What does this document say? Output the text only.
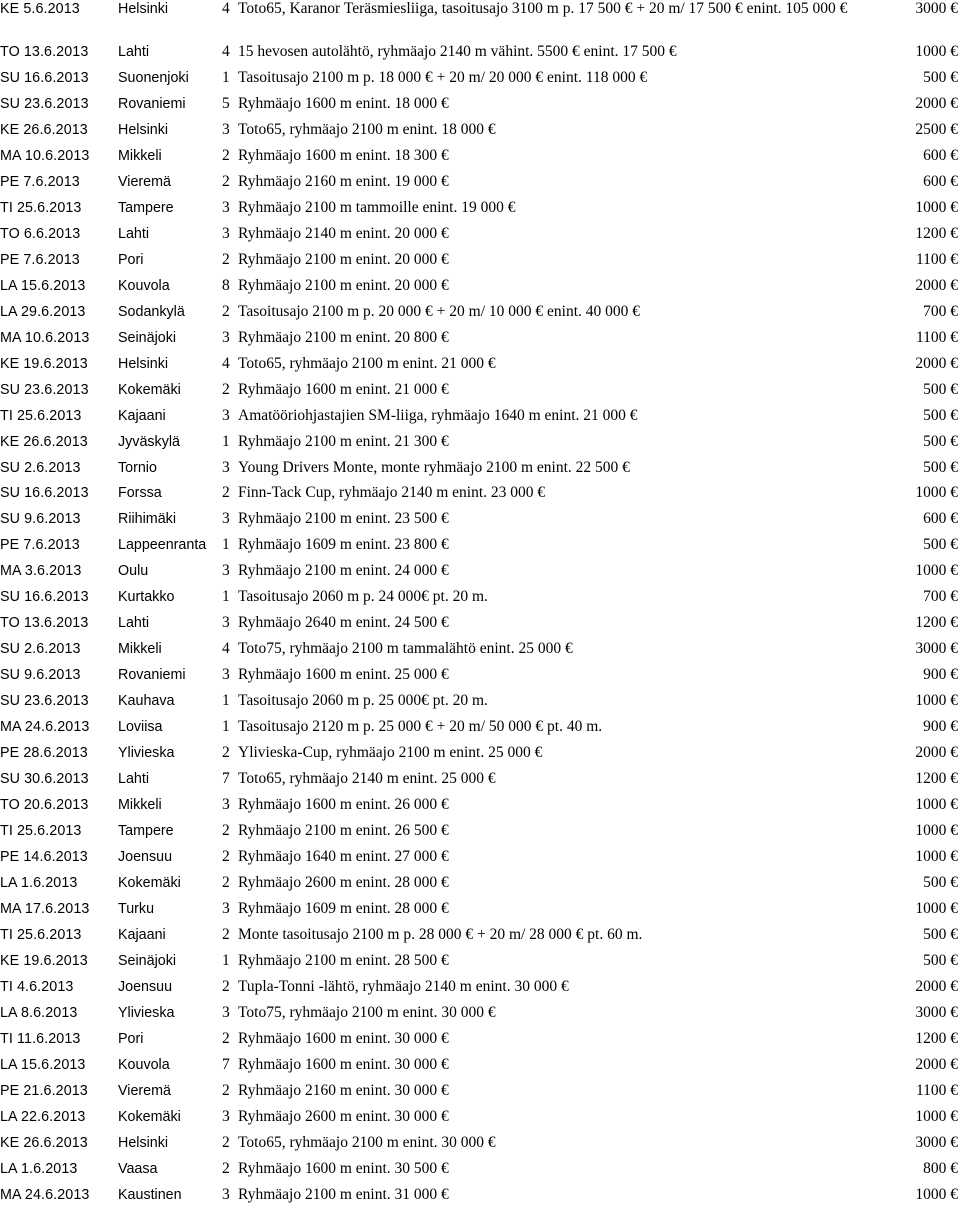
KE 5.6.2013	Helsinki	4 Toto65, Karanor Teräsmiesliiga, tasoitusajo 3100 m p. 17 500 € + 20 m/ 17 500 € enint. 105 000 €	3000 €
TO 13.6.2013 Lahti	4 15 hevosen autolähtö, ryhmäajo 2140 m vähint. 5500 € enint. 17 500 €	1000 €
SU 16.6.2013 Suonenjoki 1 Tasoitusajo 2100 m p. 18 000 € + 20 m/ 20 000 € enint. 118 000 €	500 €
SU 23.6.2013 Rovaniemi 5 Ryhmäajo 1600 m enint. 18 000 €	2000 €
KE 26.6.2013 Helsinki	3 Toto65, ryhmäajo 2100 m enint. 18 000 €	2500 €
MA 10.6.2013 Mikkeli	2 Ryhmäajo 1600 m enint. 18 300 €	600 €
PE 7.6.2013	Vieremä	2 Ryhmäajo 2160 m enint. 19 000 €	600 €
TI 25.6.2013	Tampere	3 Ryhmäajo 2100 m tammoille enint. 19 000 €	1000 €
TO 6.6.2013	Lahti	3 Ryhmäajo 2140 m enint. 20 000 €	1200 €
PE 7.6.2013	Pori	2 Ryhmäajo 2100 m enint. 20 000 €	1100 €
LA 15.6.2013 Kouvola	8 Ryhmäajo 2100 m enint. 20 000 €	2000 €
LA 29.6.2013 Sodankylä 2 Tasoitusajo 2100 m p. 20 000 € + 20 m/ 10 000 € enint. 40 000 €	700 €
MA 10.6.2013 Seinäjoki	3 Ryhmäajo 2100 m enint. 20 800 €	1100 €
KE 19.6.2013 Helsinki	4 Toto65, ryhmäajo 2100 m enint. 21 000 €	2000 €
SU 23.6.2013 Kokemäki	2 Ryhmäajo 1600 m enint. 21 000 €	500 €
TI 25.6.2013	Kajaani	3 Amatööriohjastajien SM-liiga, ryhmäajo 1640 m enint. 21 000 €	500 €
KE 26.6.2013 Jyväskylä	1 Ryhmäajo 2100 m enint. 21 300 €	500 €
SU 2.6.2013	Tornio	3 Young Drivers Monte, monte ryhmäajo 2100 m enint. 22 500 €	500 €
SU 16.6.2013 Forssa	2 Finn-Tack Cup, ryhmäajo 2140 m enint. 23 000 €	1000 €
SU 9.6.2013	Riihimäki	3 Ryhmäajo 2100 m enint. 23 500 €	600 €
PE 7.6.2013	Lappeenranta 1 Ryhmäajo 1609 m enint. 23 800 €	500 €
MA 3.6.2013	Oulu	3 Ryhmäajo 2100 m enint. 24 000 €	1000 €
SU 16.6.2013 Kurtakko	1 Tasoitusajo 2060 m p. 24 000€ pt. 20 m.	700 €
TO 13.6.2013 Lahti	3 Ryhmäajo 2640 m enint. 24 500 €	1200 €
SU 2.6.2013	Mikkeli	4 Toto75, ryhmäajo 2100 m tammalähtö enint. 25 000 €	3000 €
SU 9.6.2013	Rovaniemi 3 Ryhmäajo 1600 m enint. 25 000 €	900 €
SU 23.6.2013 Kauhava	1 Tasoitusajo 2060 m p. 25 000€ pt. 20 m.	1000 €
MA 24.6.2013 Loviisa	1 Tasoitusajo 2120 m p. 25 000 € + 20 m/ 50 000 € pt. 40 m.	900 €
PE 28.6.2013 Ylivieska	2 Ylivieska-Cup, ryhmäajo 2100 m enint. 25 000 €	2000 €
SU 30.6.2013 Lahti	7 Toto65, ryhmäajo 2140 m enint. 25 000 €	1200 €
TO 20.6.2013 Mikkeli	3 Ryhmäajo 1600 m enint. 26 000 €	1000 €
TI 25.6.2013	Tampere	2 Ryhmäajo 2100 m enint. 26 500 €	1000 €
PE 14.6.2013 Joensuu	2 Ryhmäajo 1640 m enint. 27 000 €	1000 €
LA 1.6.2013	Kokemäki	2 Ryhmäajo 2600 m enint. 28 000 €	500 €
MA 17.6.2013 Turku	3 Ryhmäajo 1609 m enint. 28 000 €	1000 €
TI 25.6.2013	Kajaani	2 Monte tasoitusajo 2100 m p. 28 000 € + 20 m/ 28 000 € pt. 60 m.	500 €
KE 19.6.2013 Seinäjoki	1 Ryhmäajo 2100 m enint. 28 500 €	500 €
TI 4.6.2013	Joensuu	2 Tupla-Tonni -lähtö, ryhmäajo 2140 m enint. 30 000 €	2000 €
LA 8.6.2013	Ylivieska	3 Toto75, ryhmäajo 2100 m enint. 30 000 €	3000 €
TI 11.6.2013	Pori	2 Ryhmäajo 1600 m enint. 30 000 €	1200 €
LA 15.6.2013 Kouvola	7 Ryhmäajo 1600 m enint. 30 000 €	2000 €
PE 21.6.2013 Vieremä	2 Ryhmäajo 2160 m enint. 30 000 €	1100 €
LA 22.6.2013 Kokemäki	3 Ryhmäajo 2600 m enint. 30 000 €	1000 €
KE 26.6.2013 Helsinki	2 Toto65, ryhmäajo 2100 m enint. 30 000 €	3000 €
LA 1.6.2013	Vaasa	2 Ryhmäajo 1600 m enint. 30 500 €	800 €
MA 24.6.2013 Kaustinen	3 Ryhmäajo 2100 m enint. 31 000 €	1000 €
